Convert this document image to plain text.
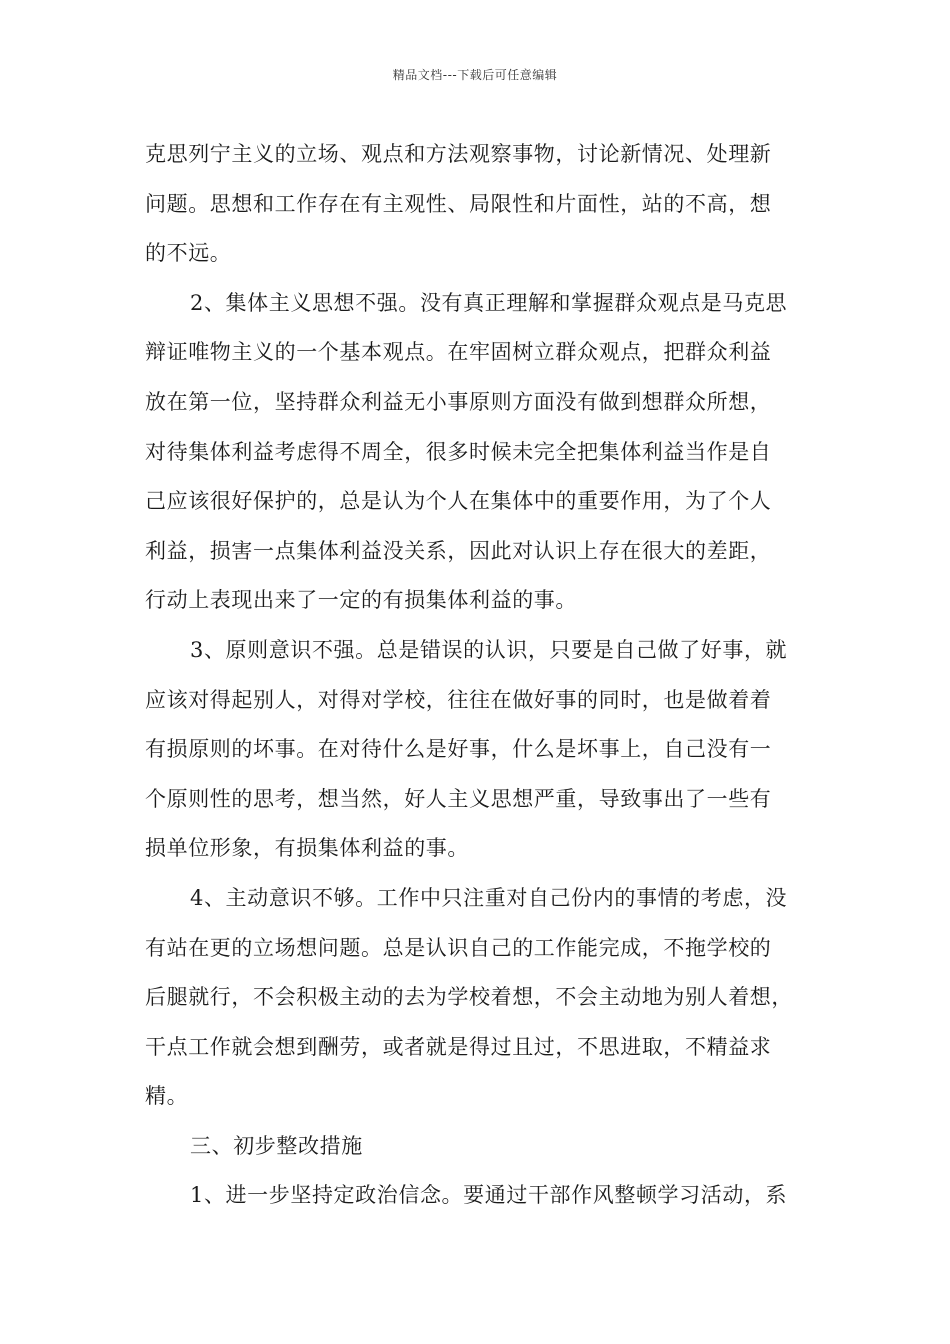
精品文档---下载后可任意编辑
克思列宁主义的立场、观点和方法观察事物，讨论新情况、处理新
问题。思想和工作存在有主观性、局限性和片面性，站的不高，想
的不远。
2、集体主义思想不强。没有真正理解和掌握群众观点是马克思
辩证唯物主义的一个基本观点。在牢固树立群众观点，把群众利益
放在第一位，坚持群众利益无小事原则方面没有做到想群众所想，
对待集体利益考虑得不周全，很多时候未完全把集体利益当作是自
己应该很好保护的，总是认为个人在集体中的重要作用，为了个人
利益，损害一点集体利益没关系，因此对认识上存在很大的差距，
行动上表现出来了一定的有损集体利益的事。
3、原则意识不强。总是错误的认识，只要是自己做了好事，就
应该对得起别人，对得对学校，往往在做好事的同时，也是做着着
有损原则的坏事。在对待什么是好事，什么是坏事上，自己没有一
个原则性的思考，想当然，好人主义思想严重，导致事出了一些有
损单位形象，有损集体利益的事。
4、主动意识不够。工作中只注重对自己份内的事情的考虑，没
有站在更的立场想问题。总是认识自己的工作能完成，不拖学校的
后腿就行，不会积极主动的去为学校着想，不会主动地为别人着想，
干点工作就会想到酬劳，或者就是得过且过，不思进取，不精益求
精。
三、初步整改措施
1、进一步坚持定政治信念。要通过干部作风整顿学习活动，系
